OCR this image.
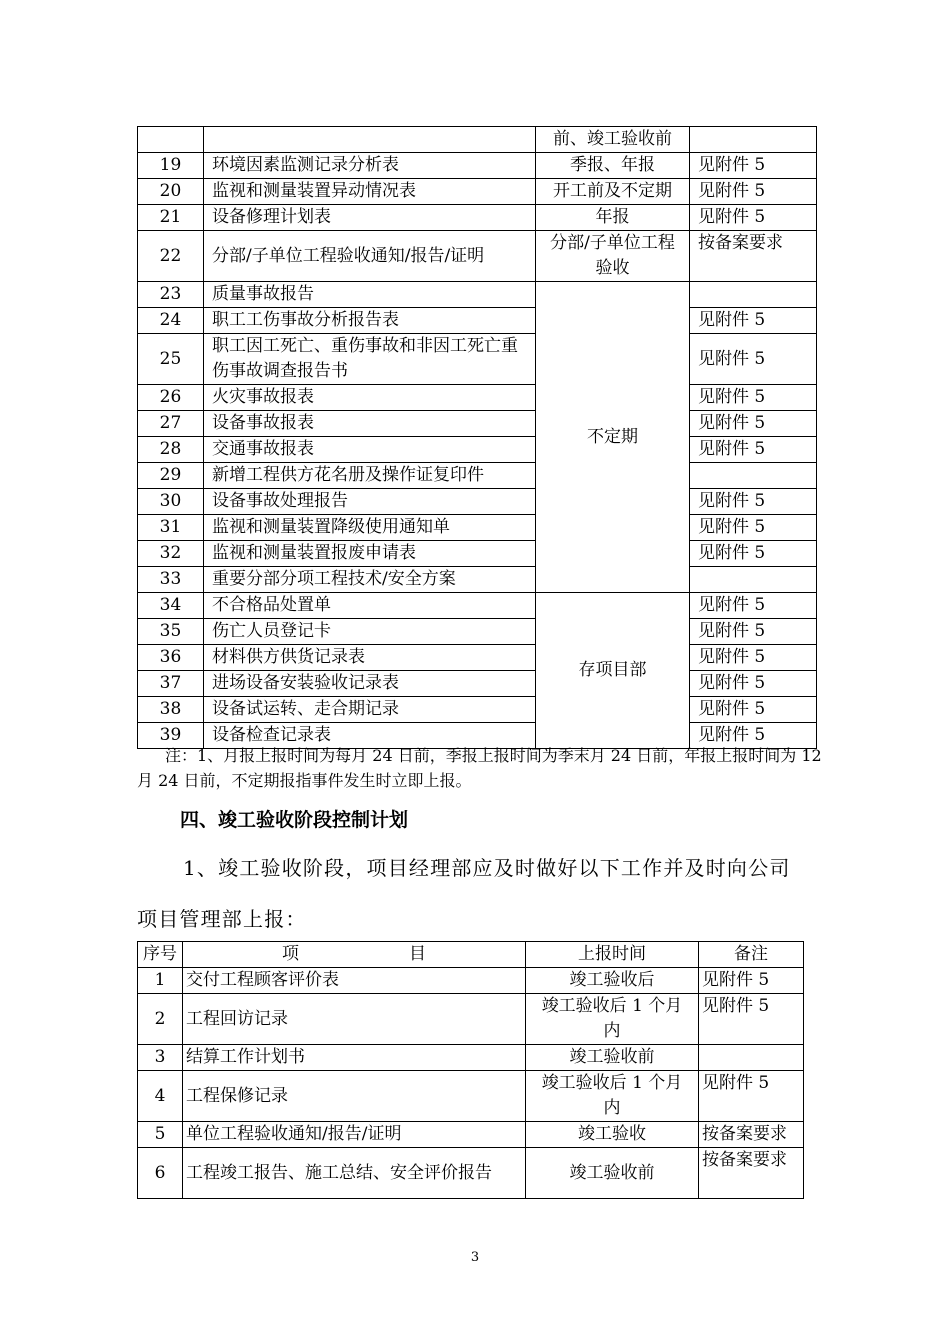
		前、竣工验收前	
19	环境因素监测记录分析表	季报、年报	见附件 5
20	监视和测量装置异动情况表	开工前及不定期	见附件 5
21	设备修理计划表	年报	见附件 5
22	分部/子单位工程验收通知/报告/证明	分部/子单位工程验收	按备案要求
23	质量事故报告	不定期	
24	职工工伤事故分析报告表		见附件 5
25	职工因工死亡、重伤事故和非因工死亡重伤事故调查报告书		见附件 5
26	火灾事故报表		见附件 5
27	设备事故报表		见附件 5
28	交通事故报表		见附件 5
29	新增工程供方花名册及操作证复印件		
30	设备事故处理报告		见附件 5
31	监视和测量装置降级使用通知单		见附件 5
32	监视和测量装置报废申请表		见附件 5
33	重要分部分项工程技术/安全方案		
34	不合格品处置单	存项目部	见附件 5
35	伤亡人员登记卡		见附件 5
36	材料供方供货记录表		见附件 5
37	进场设备安装验收记录表		见附件 5
38	设备试运转、走合期记录		见附件 5
39	设备检查记录表		见附件 5
注：1、月报上报时间为每月 24 日前，季报上报时间为季末月 24 日前，年报上报时间为 12 月 24 日前，不定期报指事件发生时立即上报。
四、竣工验收阶段控制计划
1、竣工验收阶段，项目经理部应及时做好以下工作并及时向公司
项目管理部上报：
序号	项 目	上报时间	备注
1	交付工程顾客评价表	竣工验收后	见附件 5
2	工程回访记录	竣工验收后 1 个月内	见附件 5
3	结算工作计划书	竣工验收前	
4	工程保修记录	竣工验收后 1 个月内	见附件 5
5	单位工程验收通知/报告/证明	竣工验收	按备案要求
6	工程竣工报告、施工总结、安全评价报告	竣工验收前	按备案要求
3
